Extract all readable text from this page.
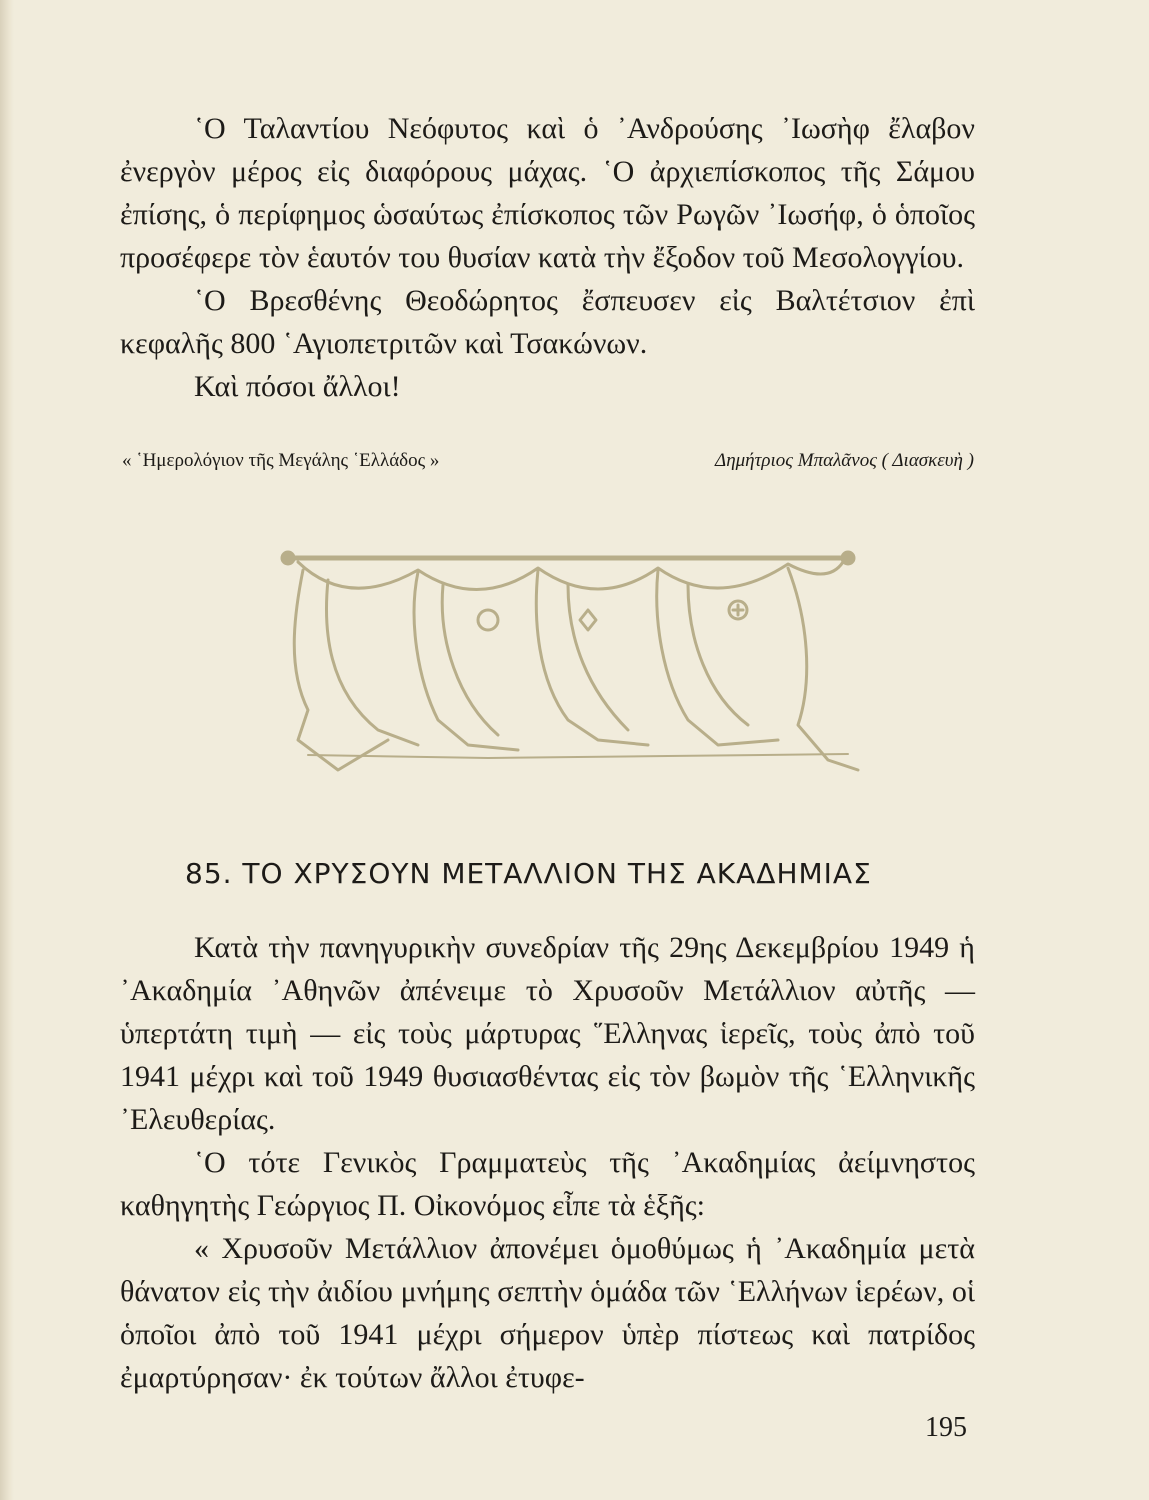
῾Ο Ταλαντίου Νεόφυτος καὶ ὁ ᾿Ανδρούσης ᾿Ιωσὴφ ἔλαβον ἐνεργὸν μέρος εἰς διαφόρους μάχας. ῾Ο ἀρχιεπίσκοπος τῆς Σάμου ἐπίσης, ὁ περίφημος ὡσαύτως ἐπίσκοπος τῶν Ρωγῶν ᾿Ιωσήφ, ὁ ὁποῖος προσέφερε τὸν ἑαυτόν του θυσίαν κατὰ τὴν ἔξοδον τοῦ Μεσολογγίου.

῾Ο Βρεσθένης Θεοδώρητος ἔσπευσεν εἰς Βαλτέτσιον ἐπὶ κεφαλῆς 800 ῾Αγιοπετριτῶν καὶ Τσακώνων.

Καὶ πόσοι ἄλλοι!

« ῾Ημερολόγιον τῆς Μεγάλης ῾Ελλάδος »	Δημήτριος Μπαλᾶνος ( Διασκευὴ )
85. ΤΟ ΧΡΥΣΟΥΝ ΜΕΤΑΛΛΙΟΝ ΤΗΣ ΑΚΑΔΗΜΙΑΣ

Κατὰ τὴν πανηγυρικὴν συνεδρίαν τῆς 29ης Δεκεμβρίου 1949 ἡ ᾿Ακαδημία ᾿Αθηνῶν ἀπένειμε τὸ Χρυσοῦν Μετάλλιον αὐτῆς — ὑπερτάτη τιμὴ — εἰς τοὺς μάρτυρας ῞Ελληνας ἱερεῖς, τοὺς ἀπὸ τοῦ 1941 μέχρι καὶ τοῦ 1949 θυσιασθέντας εἰς τὸν βωμὸν τῆς ῾Ελληνικῆς ᾿Ελευθερίας.

῾Ο τότε Γενικὸς Γραμματεὺς τῆς ᾿Ακαδημίας ἀείμνηστος καθηγητὴς Γεώργιος Π. Οἰκονόμος εἶπε τὰ ἑξῆς:

« Χρυσοῦν Μετάλλιον ἀπονέμει ὁμοθύμως ἡ ᾿Ακαδημία μετὰ θάνατον εἰς τὴν ἀιδίου μνήμης σεπτὴν ὁμάδα τῶν ῾Ελλήνων ἱερέων, οἱ ὁποῖοι ἀπὸ τοῦ 1941 μέχρι σήμερον ὑπὲρ πίστεως καὶ πατρίδος ἐμαρτύρησαν· ἐκ τούτων ἄλλοι ἐτυφε-

195
